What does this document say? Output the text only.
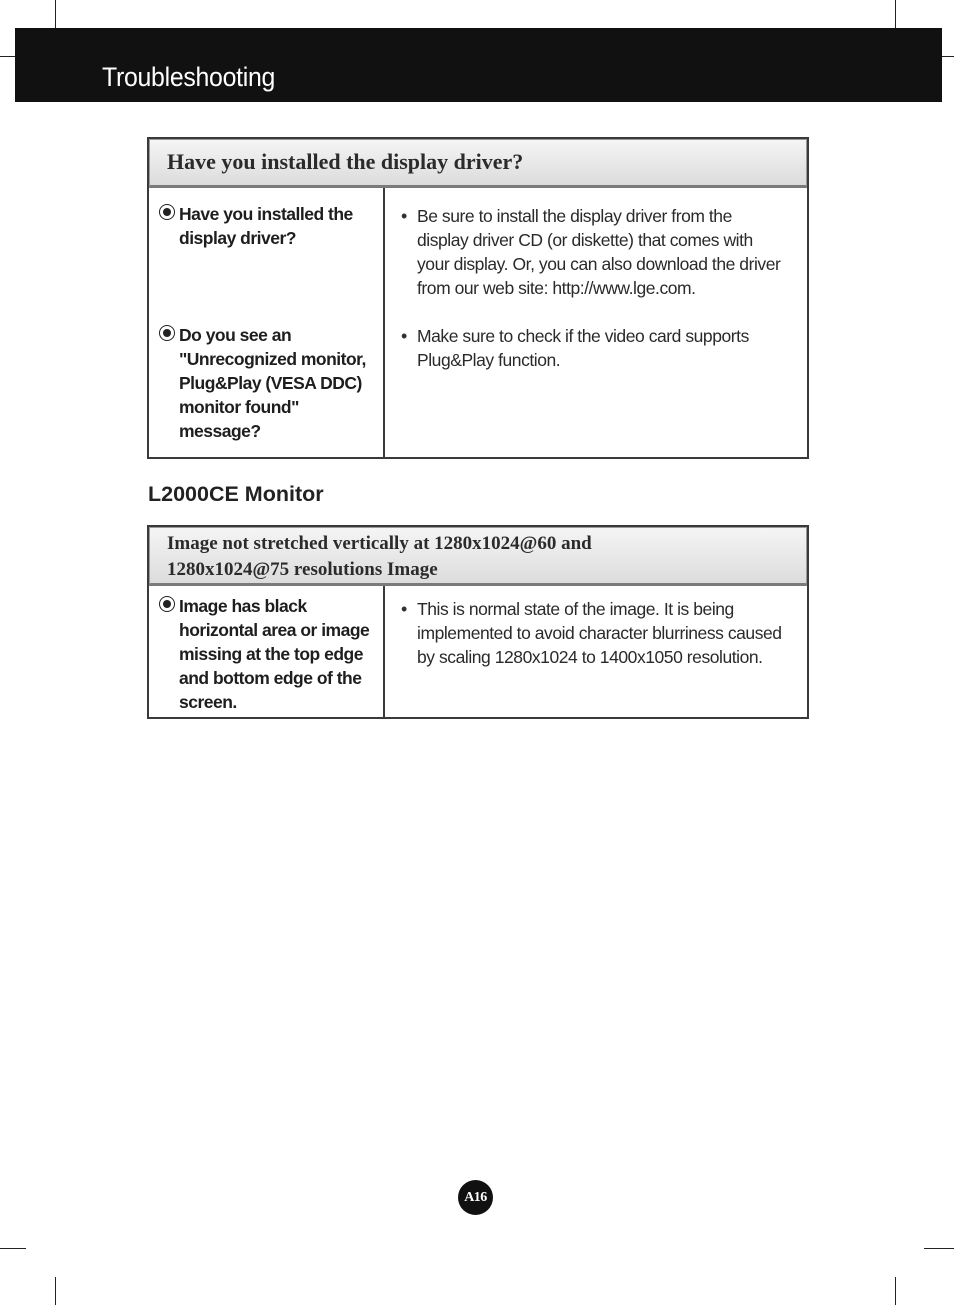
Troubleshooting
Have you installed the display driver?
Have you installed the display driver?
Do you see an "Unrecognized monitor, Plug&Play (VESA DDC) monitor found" message?
• Be sure to install the display driver from the display driver CD (or diskette) that comes with your display. Or, you can also download the driver from our web site: http://www.lge.com.
• Make sure to check if the video card supports Plug&Play function.
L2000CE Monitor
Image not stretched vertically at 1280x1024@60 and
1280x1024@75 resolutions Image
Image has black horizontal area or image missing at the top edge and bottom edge of the screen.
• This is normal state of the image. It is being implemented to avoid character blurriness caused by scaling 1280x1024 to 1400x1050 resolution.
A16
